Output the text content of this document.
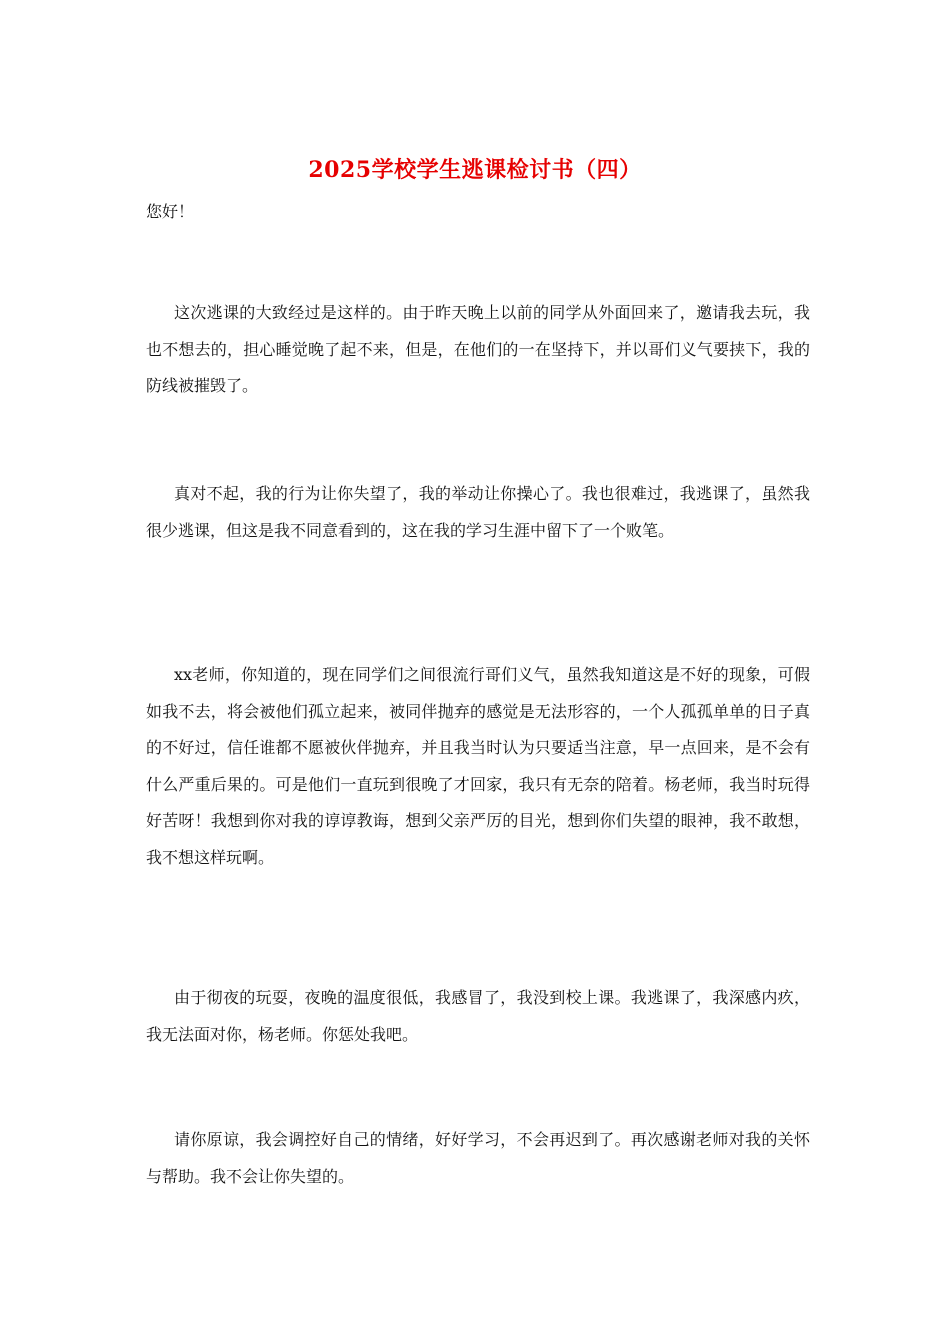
2025学校学生逃课检讨书（四）
您好！

这次逃课的大致经过是这样的。由于昨天晚上以前的同学从外面回来了，邀请我去玩，我也不想去的，担心睡觉晚了起不来，但是，在他们的一在坚持下，并以哥们义气要挟下，我的防线被摧毁了。

真对不起，我的行为让你失望了，我的举动让你操心了。我也很难过，我逃课了，虽然我很少逃课，但这是我不同意看到的，这在我的学习生涯中留下了一个败笔。

xx老师，你知道的，现在同学们之间很流行哥们义气，虽然我知道这是不好的现象，可假如我不去，将会被他们孤立起来，被同伴抛弃的感觉是无法形容的，一个人孤孤单单的日子真的不好过，信任谁都不愿被伙伴抛弃，并且我当时认为只要适当注意，早一点回来，是不会有什么严重后果的。可是他们一直玩到很晚了才回家，我只有无奈的陪着。杨老师，我当时玩得好苦呀！我想到你对我的谆谆教诲，想到父亲严厉的目光，想到你们失望的眼神，我不敢想，我不想这样玩啊。

由于彻夜的玩耍，夜晚的温度很低，我感冒了，我没到校上课。我逃课了，我深感内疚，我无法面对你，杨老师。你惩处我吧。

请你原谅，我会调控好自己的情绪，好好学习，不会再迟到了。再次感谢老师对我的关怀与帮助。我不会让你失望的。
